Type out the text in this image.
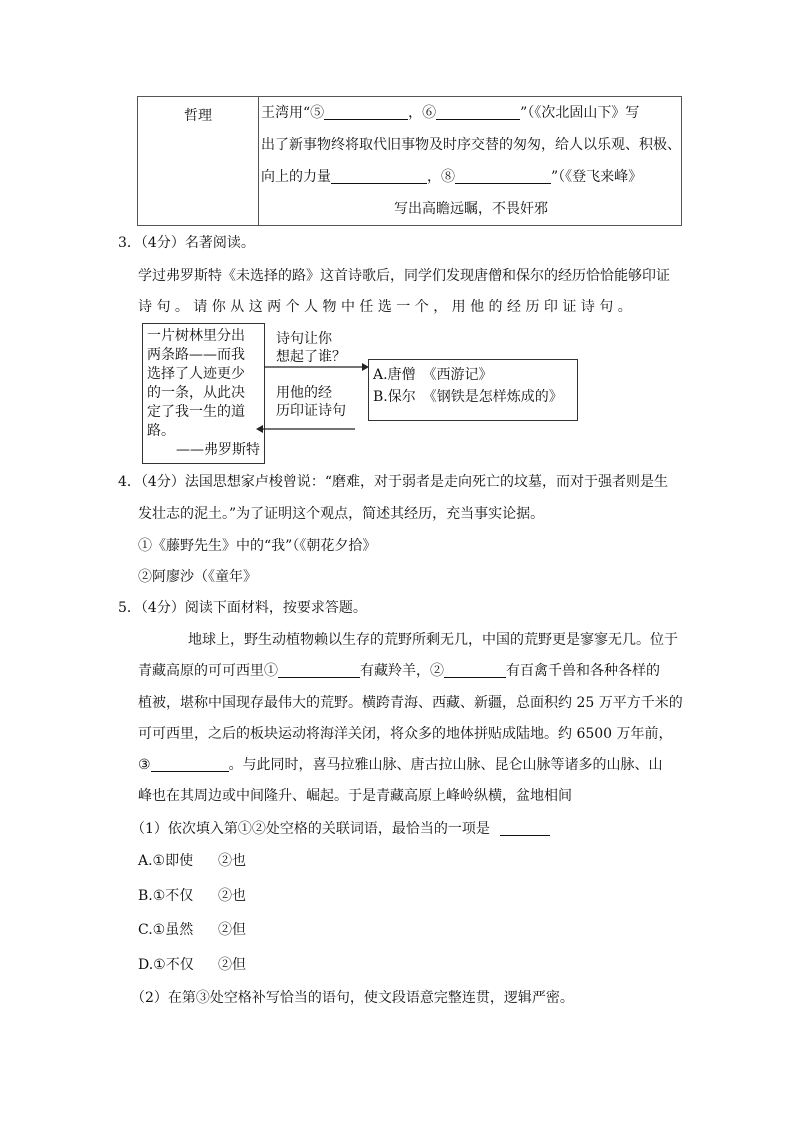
哲理	王湾用“⑤	，⑥	”（《次北固山下》写
出了新事物终将取代旧事物及时序交替的匆匆，给人以乐观、积极、
向上的力量	，⑧	”（《登飞来峰》
写出高瞻远瞩，不畏奸邪
3．（4分）名著阅读。
学过弗罗斯特《未选择的路》这首诗歌后，同学们发现唐僧和保尔的经历恰恰能够印证
诗 句 。 请 你 从 这 两 个 人 物 中 任 选 一 个 ， 用 他 的 经 历 印 证 诗 句 。
一片树林里分出
两条路——而我
选择了人迹更少
的一条，从此决
定了我一生的道
路。
——弗罗斯特
诗句让你
想起了谁？
用他的经
历印证诗句
A.唐僧　《西游记》
B.保尔　《钢铁是怎样炼成的》
4．（4分）法国思想家卢梭曾说：“磨难，对于弱者是走向死亡的坟墓，而对于强者则是生
发壮志的泥土。”为了证明这个观点，简述其经历，充当事实论据。
①《藤野先生》中的“我”（《朝花夕拾》
②阿廖沙（《童年》
5．（4分）阅读下面材料，按要求答题。
地球上，野生动植物赖以生存的荒野所剩无几，中国的荒野更是寥寥无几。位于
青藏高原的可可西里①	有藏羚羊，②	有百禽千兽和各种各样的
植被，堪称中国现存最伟大的荒野。横跨青海、西藏、新疆，总面积约 25 万平方千米的
可可西里，之后的板块运动将海洋关闭，将众多的地体拼贴成陆地。约 6500 万年前，
③	。与此同时，喜马拉雅山脉、唐古拉山脉、昆仑山脉等诸多的山脉、山
峰也在其周边或中间隆升、崛起。于是青藏高原上峰岭纵横，盆地相间
（1）依次填入第①②处空格的关联词语，最恰当的一项是
A.①即使 ②也
B.①不仅 ②也
C.①虽然 ②但
D.①不仅 ②但
（2）在第③处空格补写恰当的语句，使文段语意完整连贯，逻辑严密。
